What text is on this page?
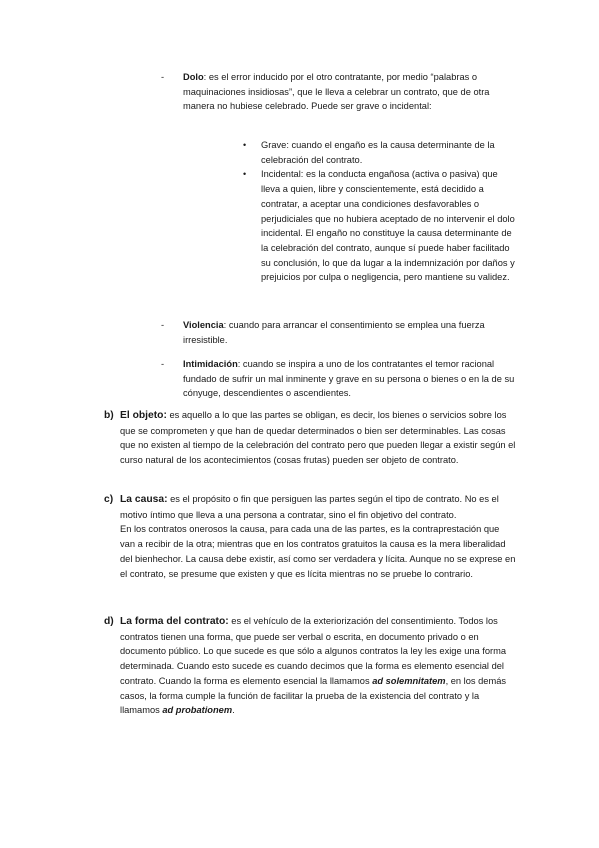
- Dolo: es el error inducido por el otro contratante, por medio “palabras o maquinaciones insidiosas”, que le lleva a celebrar un contrato, que de otra manera no hubiese celebrado. Puede ser grave o incidental:

• Grave: cuando el engaño es la causa determinante de la celebración del contrato.
• Incidental: es la conducta engañosa (activa o pasiva) que lleva a quien, libre y conscientemente, está decidido a contratar, a aceptar una condiciones desfavorables o perjudiciales que no hubiera aceptado de no intervenir el dolo incidental. El engaño no constituye la causa determinante de la celebración del contrato, aunque sí puede haber facilitado su conclusión, lo que da lugar a la indemnización por daños y prejuicios por culpa o negligencia, pero mantiene su validez.
- Violencia: cuando para arrancar el consentimiento se emplea una fuerza irresistible.

- Intimidación: cuando se inspira a uno de los contratantes el temor racional fundado de sufrir un mal inminente y grave en su persona o bienes o en la de su cónyuge, descendientes o ascendientes.

b) El objeto: es aquello a lo que las partes se obligan, es decir, los bienes o servicios sobre los que se comprometen y que han de quedar determinados o bien ser determinables. Las cosas que no existen al tiempo de la celebración del contrato pero que pueden llegar a existir según el curso natural de los acontecimientos (cosas frutas) pueden ser objeto de contrato.

c) La causa: es el propósito o fin que persiguen las partes según el tipo de contrato. No es el motivo íntimo que lleva a una persona a contratar, sino el fin objetivo del contrato.

En los contratos onerosos la causa, para cada una de las partes, es la contraprestación que van a recibir de la otra; mientras que en los contratos gratuitos la causa es la mera liberalidad del bienhechor. La causa debe existir, así como ser verdadera y lícita. Aunque no se exprese en el contrato, se presume que existen y que es lícita mientras no se pruebe lo contrario.

d) La forma del contrato: es el vehículo de la exteriorización del consentimiento. Todos los contratos tienen una forma, que puede ser verbal o escrita, en documento privado o en documento público. Lo que sucede es que sólo a algunos contratos la ley les exige una forma determinada. Cuando esto sucede es cuando decimos que la forma es elemento esencial del contrato. Cuando la forma es elemento esencial la llamamos ad solemnitatem, en los demás casos, la forma cumple la función de facilitar la prueba de la existencia del contrato y la llamamos ad probationem.
